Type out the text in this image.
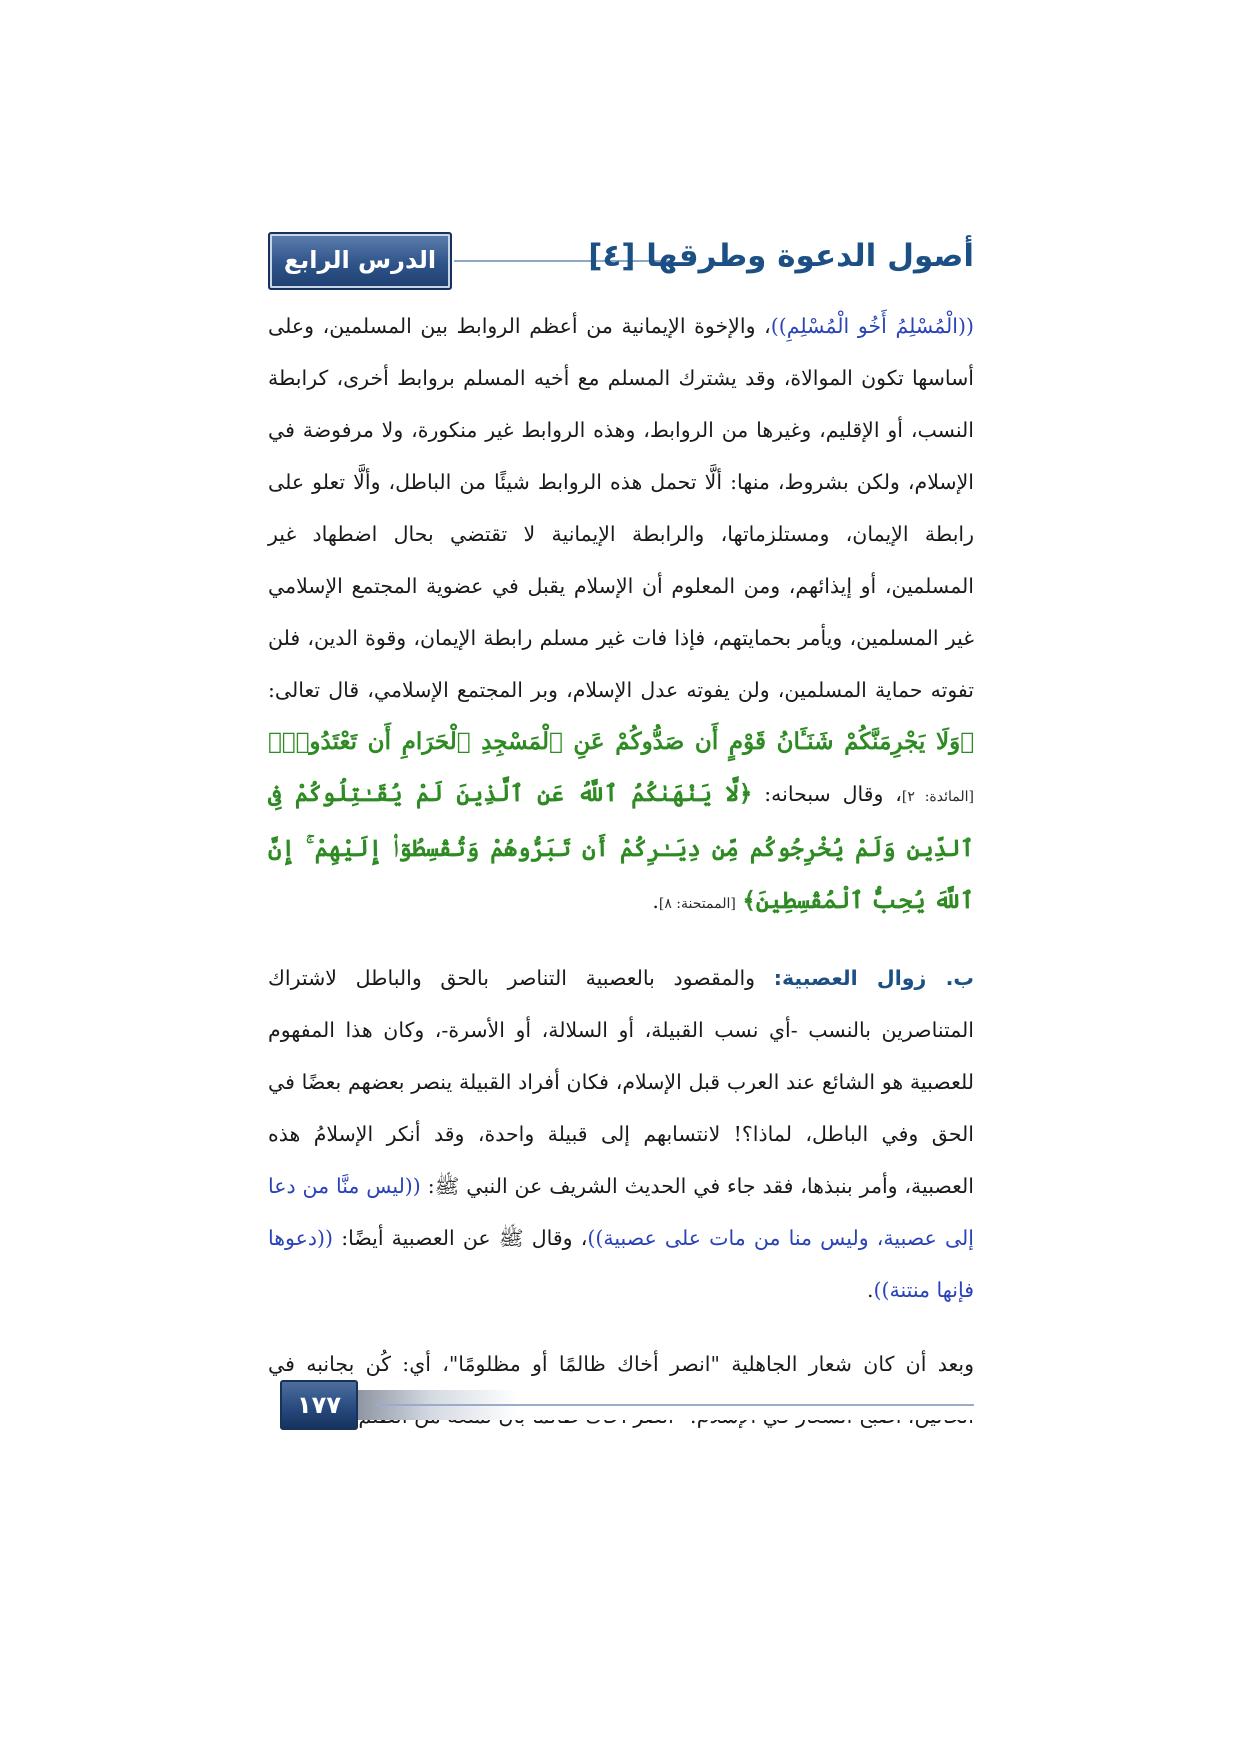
الدرس الرابع	أصول الدعوة وطرقها [٤]

((الْمُسْلِمُ أَخُو الْمُسْلِمِ))، والإخوة الإيمانية من أعظم الروابط بين المسلمين، وعلى أساسها تكون الموالاة، وقد يشترك المسلم مع أخيه المسلم بروابط أخرى، كرابطة النسب، أو الإقليم، وغيرها من الروابط، وهذه الروابط غير منكورة، ولا مرفوضة في الإسلام، ولكن بشروط، منها: ألَّا تحمل هذه الروابط شيئًا من الباطل، وألَّا تعلو على رابطة الإيمان، ومستلزماتها، والرابطة الإيمانية لا تقتضي بحال اضطهاد غير المسلمين، أو إيذائهم، ومن المعلوم أن الإسلام يقبل في عضوية المجتمع الإسلامي غير المسلمين، ويأمر بحمايتهم، فإذا فات غير مسلم رابطة الإيمان، وقوة الدين، فلن تفوته حماية المسلمين، ولن يفوته عدل الإسلام، وبر المجتمع الإسلامي، قال تعالى: ﴿وَلَا يَجْرِمَنَّكُمْ شَنَـَٔانُ قَوْمٍ أَن صَدُّوكُمْ عَنِ ٱلْمَسْجِدِ ٱلْحَرَامِ أَن تَعْتَدُوا۟﴾ [المائدة: ٢]، وقال سبحانه: ﴿لَّا يَنْهَىٰكُمُ ٱللَّهُ عَنِ ٱلَّذِينَ لَمْ يُقَـٰتِلُوكُمْ فِى ٱلدِّينِ وَلَمْ يُخْرِجُوكُم مِّن دِيَـٰرِكُمْ أَن تَبَرُّوهُمْ وَتُقْسِطُوٓا۟ إِلَيْهِمْ ۚ إِنَّ ٱللَّهَ يُحِبُّ ٱلْمُقْسِطِينَ﴾ [الممتحنة: ٨].

ب. زوال العصبية: والمقصود بالعصبية التناصر بالحق والباطل لاشتراك المتناصرين بالنسب -أي نسب القبيلة، أو السلالة، أو الأسرة-، وكان هذا المفهوم للعصبية هو الشائع عند العرب قبل الإسلام، فكان أفراد القبيلة ينصر بعضهم بعضًا في الحق وفي الباطل، لماذا؟! لانتسابهم إلى قبيلة واحدة، وقد أنكر الإسلامُ هذه العصبية، وأمر بنبذها، فقد جاء في الحديث الشريف عن النبي ﷺ: ((ليس منَّا من دعا إلى عصبية، وليس منا من مات على عصبية))، وقال ﷺ عن العصبية أيضًا: ((دعوها فإنها منتنة)).

وبعد أن كان شعار الجاهلية "انصر أخاك ظالمًا أو مظلومًا"، أي: كُن بجانبه في

١٧٧
